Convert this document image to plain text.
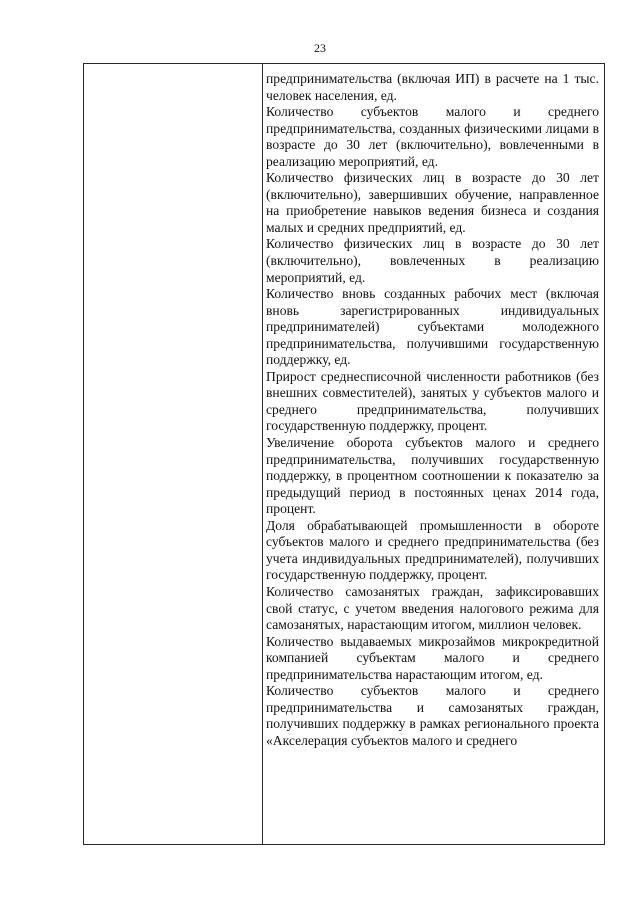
23

предпринимательства (включая ИП) в расчете на 1 тыс. человек населения, ед.

Количество субъектов малого и среднего предпринимательства, созданных физическими лицами в возрасте до 30 лет (включительно), вовлеченными в реализацию мероприятий, ед.

Количество физических лиц в возрасте до 30 лет (включительно), завершивших обучение, направленное на приобретение навыков ведения бизнеса и создания малых и средних предприятий, ед.

Количество физических лиц в возрасте до 30 лет (включительно), вовлеченных в реализацию мероприятий, ед.

Количество вновь созданных рабочих мест (включая вновь зарегистрированных индивидуальных предпринимателей) субъектами молодежного предпринимательства, получившими государственную поддержку, ед.

Прирост среднесписочной численности работников (без внешних совместителей), занятых у субъектов малого и среднего предпринимательства, получивших государственную поддержку, процент.

Увеличение оборота субъектов малого и среднего предпринимательства, получивших государственную поддержку, в процентном соотношении к показателю за предыдущий период в постоянных ценах 2014 года, процент.

Доля обрабатывающей промышленности в обороте субъектов малого и среднего предпринимательства (без учета индивидуальных предпринимателей), получивших государственную поддержку, процент.

Количество самозанятых граждан, зафиксировавших свой статус, с учетом введения налогового режима для самозанятых, нарастающим итогом, миллион человек.

Количество выдаваемых микрозаймов микрокредитной компанией субъектам малого и среднего предпринимательства нарастающим итогом, ед.

Количество субъектов малого и среднего предпринимательства и самозанятых граждан, получивших поддержку в рамках регионального проекта «Акселерация субъектов малого и среднего
